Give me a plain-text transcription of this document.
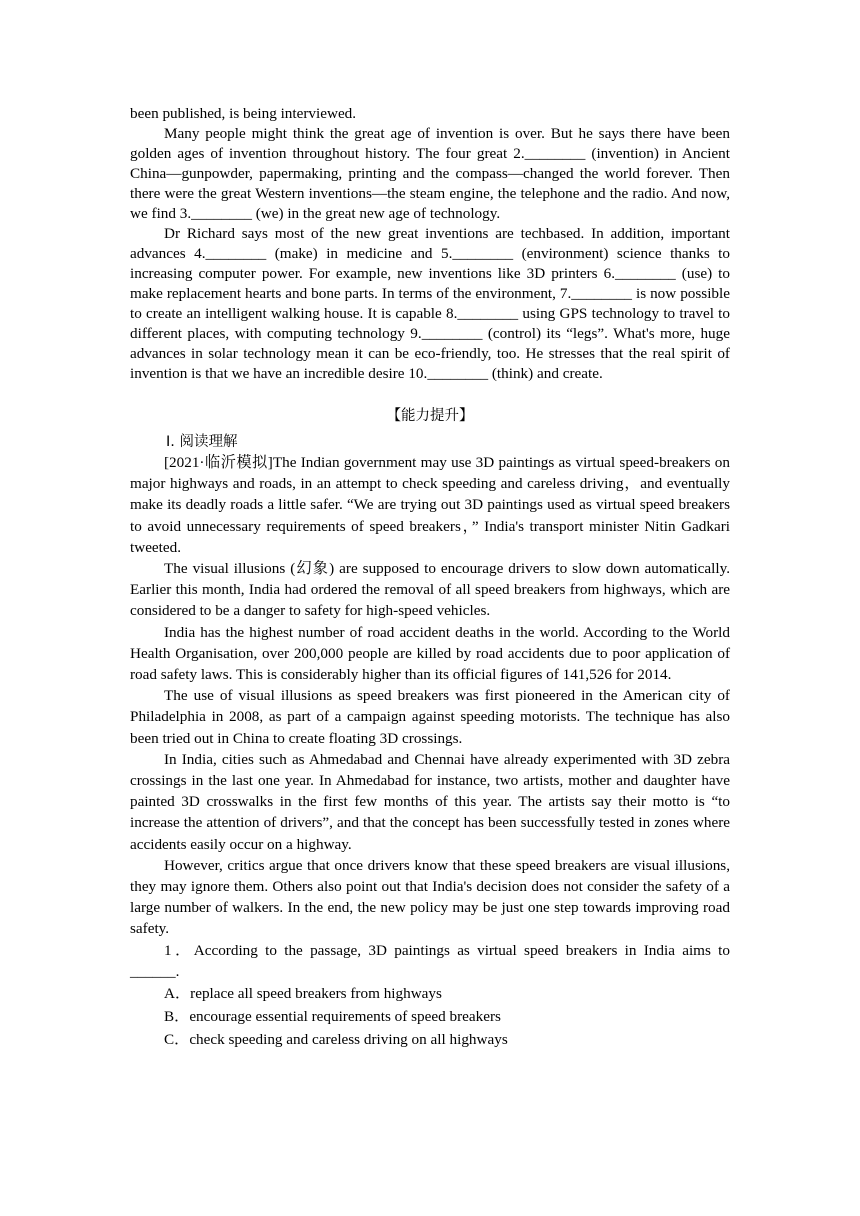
been published, is being interviewed.

Many people might think the great age of invention is over. But he says there have been golden ages of invention throughout history. The four great 2.________ (invention) in Ancient China—gunpowder, papermaking, printing and the compass—changed the world forever. Then there were the great Western inventions—the steam engine, the telephone and the radio. And now, we find 3.________ (we) in the great new age of technology.

Dr Richard says most of the new great inventions are techbased. In addition, important advances 4.________ (make) in medicine and 5.________ (environment) science thanks to increasing computer power. For example, new inventions like 3D printers 6.________ (use) to make replacement hearts and bone parts. In terms of the environment, 7.________ is now possible to create an intelligent walking house. It is capable 8.________ using GPS technology to travel to different places, with computing technology 9.________ (control) its “legs”. What's more, huge advances in solar technology mean it can be eco-friendly, too. He stresses that the real spirit of invention is that we have an incredible desire 10.________ (think) and create.

【能力提升】

Ⅰ. 阅读理解

[2021·临沂模拟]The Indian government may use 3D paintings as virtual speed-breakers on major highways and roads, in an attempt to check speeding and careless driving，and eventually make its deadly roads a little safer. “We are trying out 3D paintings used as virtual speed breakers to avoid unnecessary requirements of speed breakers，” India's transport minister Nitin Gadkari tweeted.

The visual illusions (幻象) are supposed to encourage drivers to slow down automatically. Earlier this month, India had ordered the removal of all speed breakers from highways, which are considered to be a danger to safety for high-speed vehicles.

India has the highest number of road accident deaths in the world. According to the World Health Organisation, over 200,000 people are killed by road accidents due to poor application of road safety laws. This is considerably higher than its official figures of 141,526 for 2014.

The use of visual illusions as speed breakers was first pioneered in the American city of Philadelphia in 2008, as part of a campaign against speeding motorists. The technique has also been tried out in China to create floating 3D crossings.

In India, cities such as Ahmedabad and Chennai have already experimented with 3D zebra crossings in the last one year. In Ahmedabad for instance, two artists, mother and daughter have painted 3D crosswalks in the first few months of this year. The artists say their motto is “to increase the attention of drivers”, and that the concept has been successfully tested in zones where accidents easily occur on a highway.

However, critics argue that once drivers know that these speed breakers are visual illusions, they may ignore them. Others also point out that India's decision does not consider the safety of a large number of walkers. In the end, the new policy may be just one step towards improving road safety.

1．According to the passage, 3D paintings as virtual speed breakers in India aims to ______.

A．replace all speed breakers from highways

B．encourage essential requirements of speed breakers

C．check speeding and careless driving on all highways
